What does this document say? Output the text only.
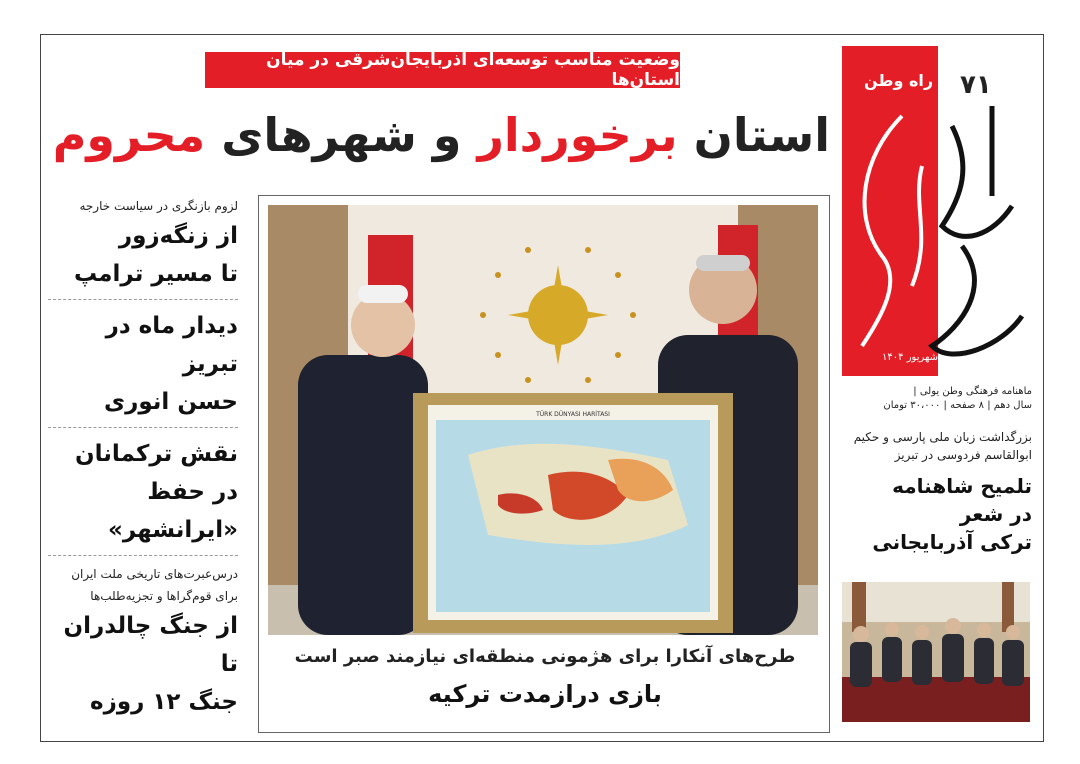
وضعیت مناسب توسعه‌ای آذربایجان‌شرقی در میان استان‌ها
استان برخوردار و شهرهای محروم
راه وطن ۷۱
شهریور ۱۴۰۴
ماهنامه فرهنگی وطن یولی |
سال دهم | ۸ صفحه | ۳۰،۰۰۰ تومان
لزوم بازنگری در سیاست خارجه
از زنگه‌زور
تا مسیر ترامپ
دیدار ماه در تبریز
حسن انوری
نقش ترکمانان
در حفظ «ایرانشهر»
درس‌عبرت‌های تاریخی ملت ایران
برای قوم‌گراها و تجزیه‌طلب‌ها
از جنگ چالدران تا
جنگ ۱۲ روزه
بزرگداشت زبان ملی پارسی و حکیم
ابوالقاسم فردوسی در تبریز
تلمیح شاهنامه
در شعر
ترکی آذربایجانی
TÜRK DÜNYASI HARİTASI
طرح‌های آنکارا برای هژمونی منطقه‌ای نیازمند صبر است
بازی درازمدت ترکیه
